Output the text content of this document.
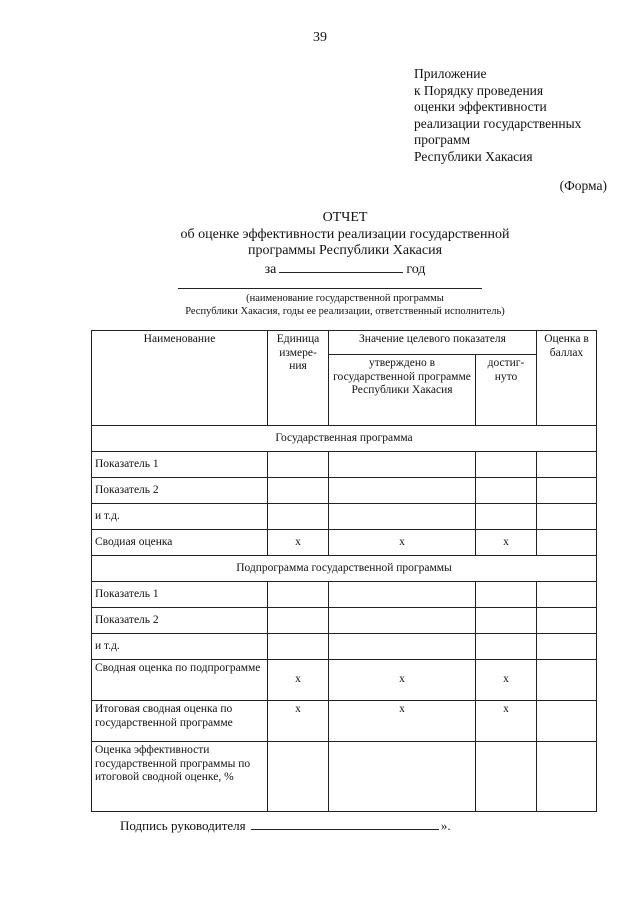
39
Приложение
к Порядку проведения
оценки эффективности
реализации государственных
программ
Республики Хакасия
(Форма)
ОТЧЕТ
об оценке эффективности реализации государственной
программы Республики Хакасия
за	год
(наименование государственной программы
Республики Хакасия, годы ее реализации, ответственный исполнитель)
Наименование	Единица измере-ния	Значение целевого показателя		Оценка в баллах
		утверждено в государственной программе Республики Хакасия	достиг-нуто	
Государственная программа				
Показатель 1				
Показатель 2				
и т.д.				
Сводиая оценка	х	х	х	
Подпрограмма государственной программы				
Показатель 1				
Показатель 2				
и т.д.				
Сводная оценка по подпрограмме	х	х	х	
Итоговая сводная оценка по государственной программе	х	х	х	
Оценка эффективности государственной программы по итоговой сводной оценке, %				
Подпись руководителя	».
